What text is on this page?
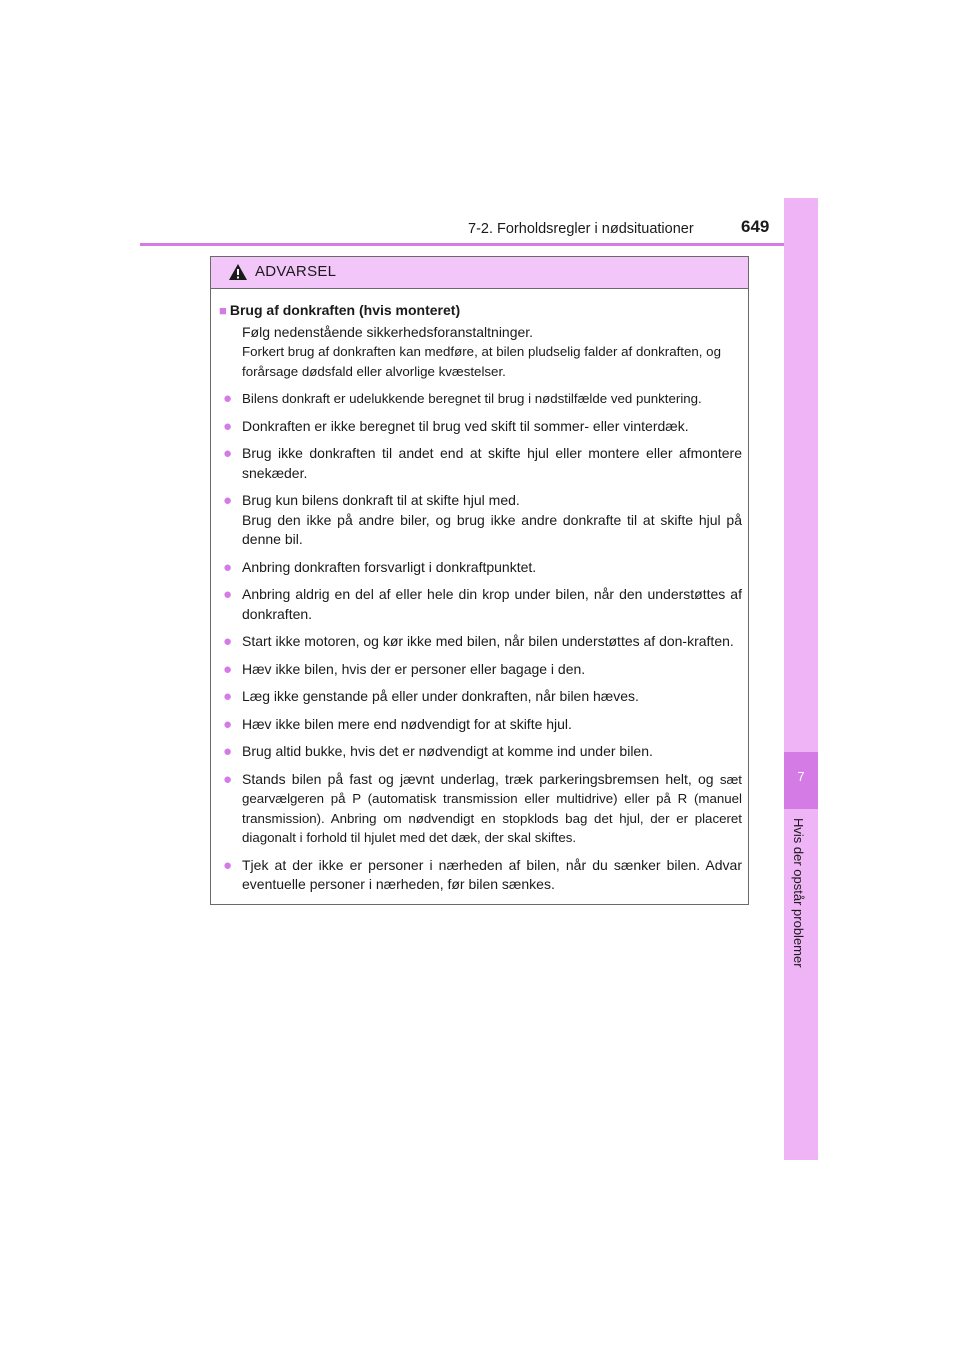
7-2. Forholdsregler i nødsituationer	649
7
Hvis der opstår problemer
ADVARSEL
■ Brug af donkraften (hvis monteret)

Følg nedenstående sikkerhedsforanstaltninger.

Forkert brug af donkraften kan medføre, at bilen pludselig falder af donkraften, og forårsage dødsfald eller alvorlige kvæstelser.

● Bilens donkraft er udelukkende beregnet til brug i nødstilfælde ved punktering.
● Donkraften er ikke beregnet til brug ved skift til sommer- eller vinterdæk.
● Brug ikke donkraften til andet end at skifte hjul eller montere eller afmontere snekæder.
● Brug kun bilens donkraft til at skifte hjul med.
Brug den ikke på andre biler, og brug ikke andre donkrafte til at skifte hjul på denne bil.
● Anbring donkraften forsvarligt i donkraftpunktet.
● Anbring aldrig en del af eller hele din krop under bilen, når den understøttes af donkraften.
● Start ikke motoren, og kør ikke med bilen, når bilen understøttes af don-kraften.
● Hæv ikke bilen, hvis der er personer eller bagage i den.
● Læg ikke genstande på eller under donkraften, når bilen hæves.
● Hæv ikke bilen mere end nødvendigt for at skifte hjul.
● Brug altid bukke, hvis det er nødvendigt at komme ind under bilen.
● Stands bilen på fast og jævnt underlag, træk parkeringsbremsen helt, og sæt gearvælgeren på P (automatisk transmission eller multidrive) eller på R (manuel transmission). Anbring om nødvendigt en stopklods bag det hjul, der er placeret diagonalt i forhold til hjulet med det dæk, der skal skiftes.
● Tjek at der ikke er personer i nærheden af bilen, når du sænker bilen. Advar eventuelle personer i nærheden, før bilen sænkes.
